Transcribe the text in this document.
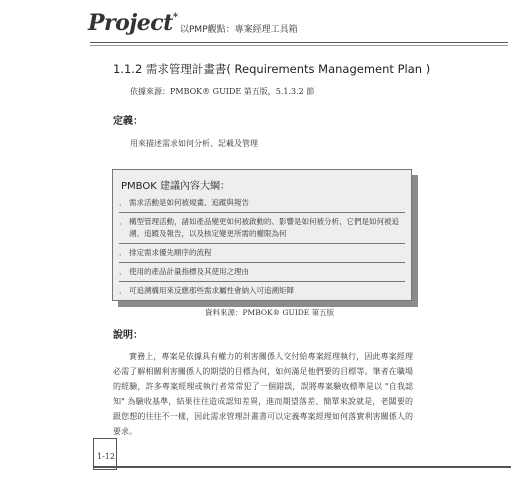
Project*
以PMP觀點：專案經理工具箱
1.1.2 需求管理計畫書( Requirements Management Plan )
依據來源：PMBOK® GUIDE 第五版，5.1.3.2 節
定義：
用來描述需求如何分析、記載及管理
PMBOK 建議內容大綱：
． 需求活動是如何被規畫、追蹤與報告
． 構型管理活動，諸如產品變更如何被啟動的、影響是如何被分析、它們是如何被追溯、追蹤及報告，以及核定變更所需的權限為何
． 排定需求優先順序的流程
． 使用的產品計量指標及其使用之理由
． 可追溯構用來反應那些需求屬性會納入可追溯矩陣
資料來源：PMBOK® GUIDE 第五版
說明：
實務上，專案是依據具有權力的利害關係人交付給專案經理執行，因此專案經理必需了解相關利害關係人的期望的目標為何，如何滿足他們要的目標等。筆者在職場的經驗，許多專案經理或執行者常常犯了一個錯誤，誤將專案驗收標準是以 "自我認知" 為驗收基準，結果往往造成認知差異，進而期望落差、簡單來說就是，老闆要的跟您想的往往不一樣，因此需求管理計畫書可以定義專案經理如何落實利害關係人的要求。
1-12
